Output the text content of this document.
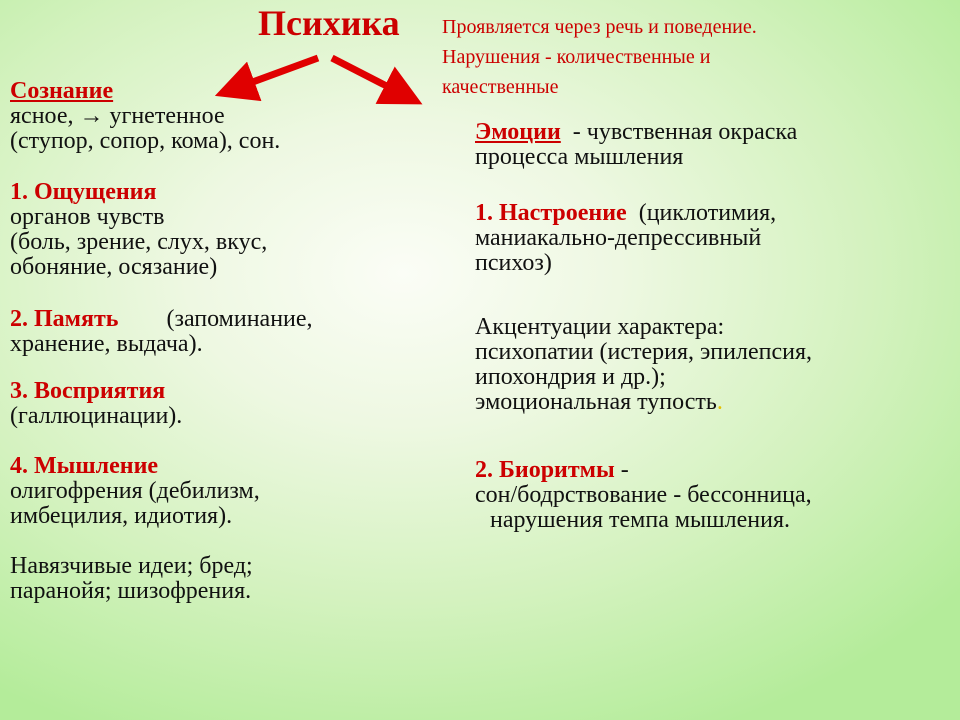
Психика Проявляется через речь и поведение.
Нарушения - количественные и
качественные
Сознание
ясное, → угнетенное
(ступор, сопор, кома), сон.
1. Ощущения
органов чувств
(боль, зрение, слух, вкус,
обоняние, осязание)
2. Память (запоминание,
хранение, выдача).
3. Восприятия
(галлюцинации).
4. Мышление
олигофрения (дебилизм,
имбецилия, идиотия).
Навязчивые идеи; бред;
паранойя; шизофрения.
Эмоции - чувственная окраска
процесса мышления
1. Настроение (циклотимия,
маниакально-депрессивный
психоз)
Акцентуации характера:
психопатии (истерия, эпилепсия,
ипохондрия и др.);
эмоциональная тупость.
2. Биоритмы -
сон/бодрствование - бессонница,
нарушения темпа мышления.
